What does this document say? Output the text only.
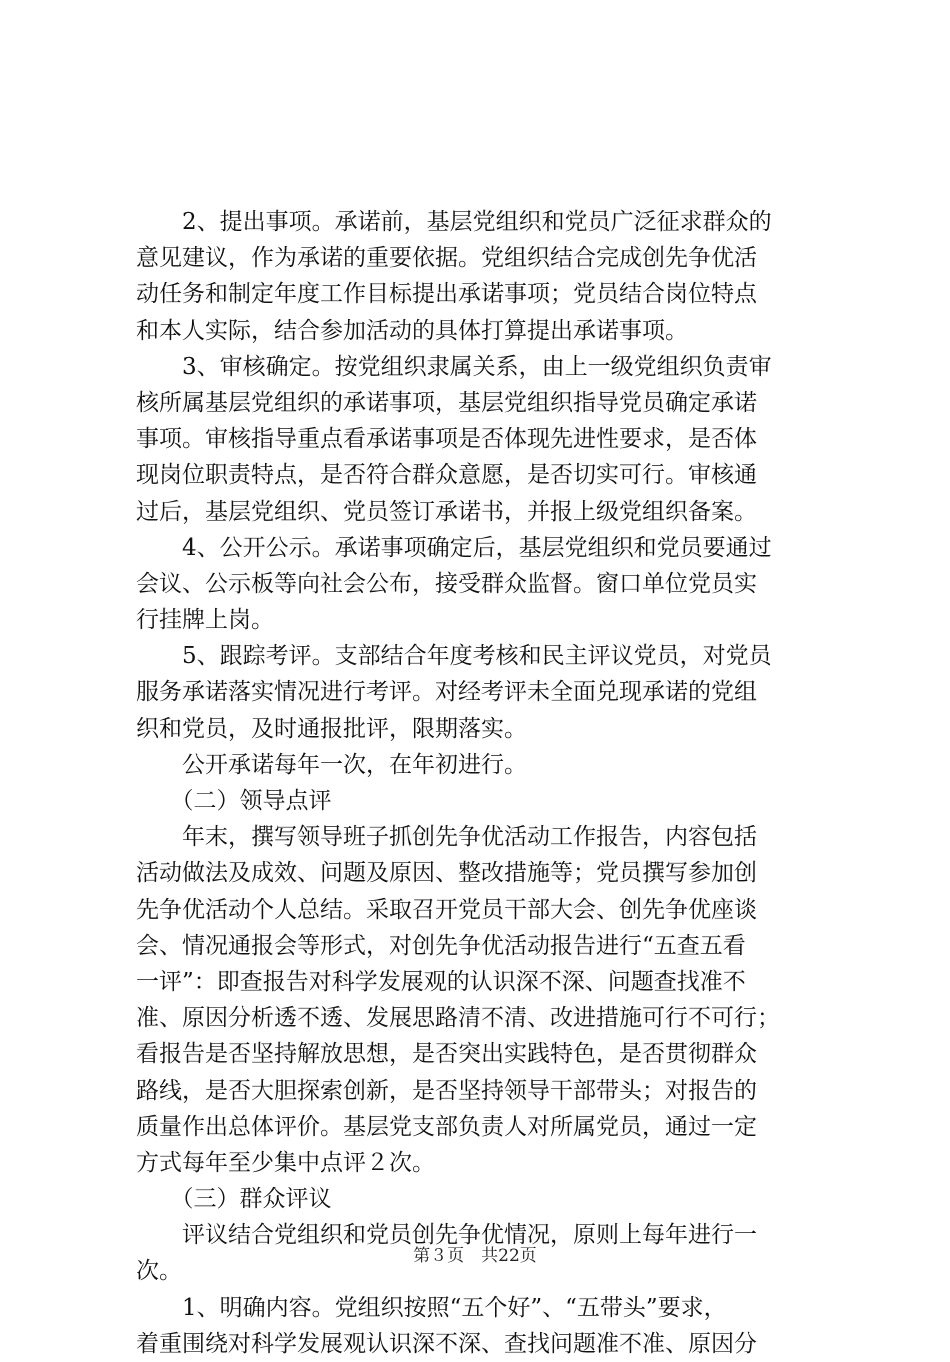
　　2、提出事项。承诺前，基层党组织和党员广泛征求群众的
意见建议，作为承诺的重要依据。党组织结合完成创先争优活
动任务和制定年度工作目标提出承诺事项；党员结合岗位特点
和本人实际，结合参加活动的具体打算提出承诺事项。
　　3、审核确定。按党组织隶属关系，由上一级党组织负责审
核所属基层党组织的承诺事项，基层党组织指导党员确定承诺
事项。审核指导重点看承诺事项是否体现先进性要求，是否体
现岗位职责特点，是否符合群众意愿，是否切实可行。审核通
过后，基层党组织、党员签订承诺书，并报上级党组织备案。
　　4、公开公示。承诺事项确定后，基层党组织和党员要通过
会议、公示板等向社会公布，接受群众监督。窗口单位党员实
行挂牌上岗。
　　5、跟踪考评。支部结合年度考核和民主评议党员，对党员
服务承诺落实情况进行考评。对经考评未全面兑现承诺的党组
织和党员，及时通报批评，限期落实。
　　公开承诺每年一次，在年初进行。
　　（二）领导点评
　　年末，撰写领导班子抓创先争优活动工作报告，内容包括
活动做法及成效、问题及原因、整改措施等；党员撰写参加创
先争优活动个人总结。采取召开党员干部大会、创先争优座谈
会、情况通报会等形式，对创先争优活动报告进行“五查五看
一评”：即查报告对科学发展观的认识深不深、问题查找准不
准、原因分析透不透、发展思路清不清、改进措施可行不可行；
看报告是否坚持解放思想，是否突出实践特色，是否贯彻群众
路线，是否大胆探索创新，是否坚持领导干部带头；对报告的
质量作出总体评价。基层党支部负责人对所属党员，通过一定
方式每年至少集中点评２次。
　　（三）群众评议
　　评议结合党组织和党员创先争优情况，原则上每年进行一
次。
　　1、明确内容。党组织按照“五个好”、“五带头”要求，
着重围绕对科学发展观认识深不深、查找问题准不准、原因分
第３页　共22页
